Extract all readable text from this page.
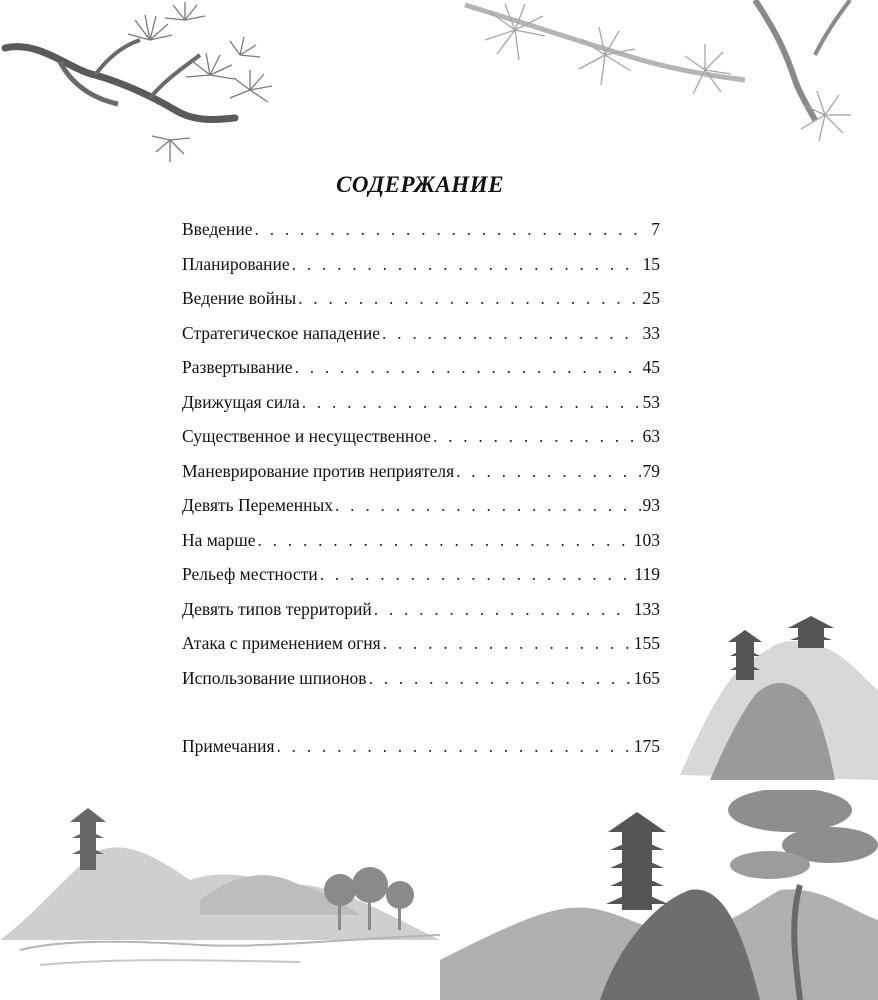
СОДЕРЖАНИЕ
Введение . . .	7
Планирование . . .	15
Ведение войны . . .	25
Стратегическое нападение . . .	33
Развертывание . . .	45
Движущая сила . . .	53
Существенное и несущественное . . .	63
Маневрирование против неприятеля . . .	79
Девять Переменных . . .	93
На марше . . .	103
Рельеф местности . . .	119
Девять типов территорий . . .	133
Атака с применением огня . . .	155
Использование шпионов . . .	165
Примечания . . .	175
